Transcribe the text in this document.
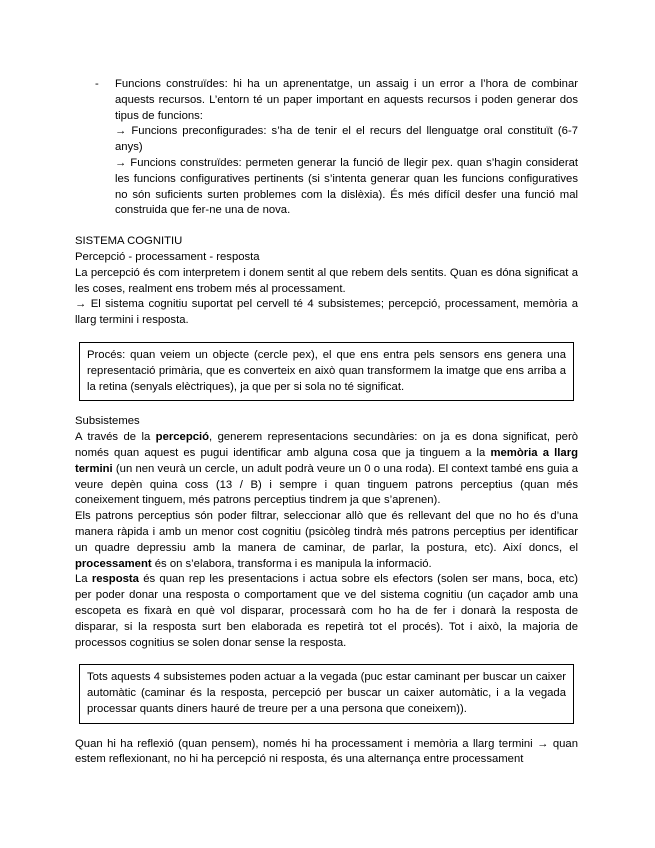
- Funcions construïdes: hi ha un aprenentatge, un assaig i un error a l’hora de combinar aquests recursos. L’entorn té un paper important en aquests recursos i poden generar dos tipus de funcions:

→ Funcions preconfigurades: s’ha de tenir el el recurs del llenguatge oral constituït (6-7 anys)

→ Funcions construïdes: permeten generar la funció de llegir pex. quan s’hagin considerat les funcions configuratives pertinents (si s’intenta generar quan les funcions configuratives no són suficients surten problemes com la dislèxia). És més difícil desfer una funció mal construida que fer-ne una de nova.

SISTEMA COGNITIU

Percepció - processament - resposta

La percepció és com interpretem i donem sentit al que rebem dels sentits. Quan es dóna significat a les coses, realment ens trobem més al processament.

→ El sistema cognitiu suportat pel cervell té 4 subsistemes; percepció, processament, memòria a llarg termini i resposta.

Procés: quan veiem un objecte (cercle pex), el que ens entra pels sensors ens genera una representació primària, que es converteix en això quan transformem la imatge que ens arriba a la retina (senyals elèctriques), ja que per si sola no té significat.

Subsistemes

A través de la percepció, generem representacions secundàries: on ja es dona significat, però només quan aquest es pugui identificar amb alguna cosa que ja tinguem a la memòria a llarg termini (un nen veurà un cercle, un adult podrà veure un 0 o una roda). El context també ens guia a veure depèn quina coss (13 / B) i sempre i quan tinguem patrons perceptius (quan més coneixement tinguem, més patrons perceptius tindrem ja que s’aprenen).

Els patrons perceptius són poder filtrar, seleccionar allò que és rellevant del que no ho és d’una manera ràpida i amb un menor cost cognitiu (psicòleg tindrà més patrons perceptius per identificar un quadre depressiu amb la manera de caminar, de parlar, la postura, etc). Així doncs, el processament és on s’elabora, transforma i es manipula la informació.

La resposta és quan rep les presentacions i actua sobre els efectors (solen ser mans, boca, etc) per poder donar una resposta o comportament que ve del sistema cognitiu (un caçador amb una escopeta es fixarà en què vol disparar, processarà com ho ha de fer i donarà la resposta de disparar, si la resposta surt ben elaborada es repetirà tot el procés). Tot i això, la majoria de processos cognitius se solen donar sense la resposta.

Tots aquests 4 subsistemes poden actuar a la vegada (puc estar caminant per buscar un caixer automàtic (caminar és la resposta, percepció per buscar un caixer automàtic, i a la vegada processar quants diners hauré de treure per a una persona que coneixem)).

Quan hi ha reflexió (quan pensem), només hi ha processament i memòria a llarg termini → quan estem reflexionant, no hi ha percepció ni resposta, és una alternança entre processament
